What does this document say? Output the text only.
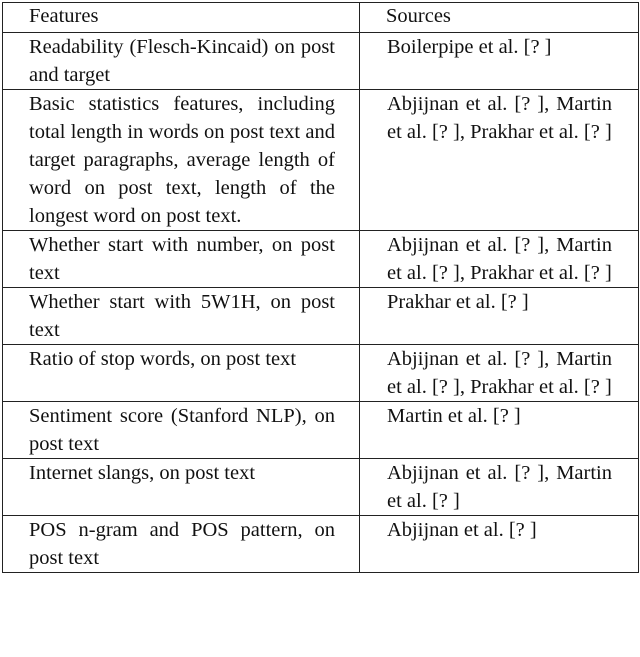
Features	Sources
Readability (Flesch-Kincaid) on post and target	Boilerpipe et al. [? ]
Basic statistics features, including total length in words on post text and target paragraphs, average length of word on post text, length of the longest word on post text.	Abjijnan et al. [? ], Martin et al. [? ], Prakhar et al. [? ]
Whether start with number, on post text	Abjijnan et al. [? ], Martin et al. [? ], Prakhar et al. [? ]
Whether start with 5W1H, on post text	Prakhar et al. [? ]
Ratio of stop words, on post text	Abjijnan et al. [? ], Martin et al. [? ], Prakhar et al. [? ]
Sentiment score (Stanford NLP), on post text	Martin et al. [? ]
Internet slangs, on post text	Abjijnan et al. [? ], Martin et al. [? ]
POS n-gram and POS pattern, on post text	Abjijnan et al. [? ]
